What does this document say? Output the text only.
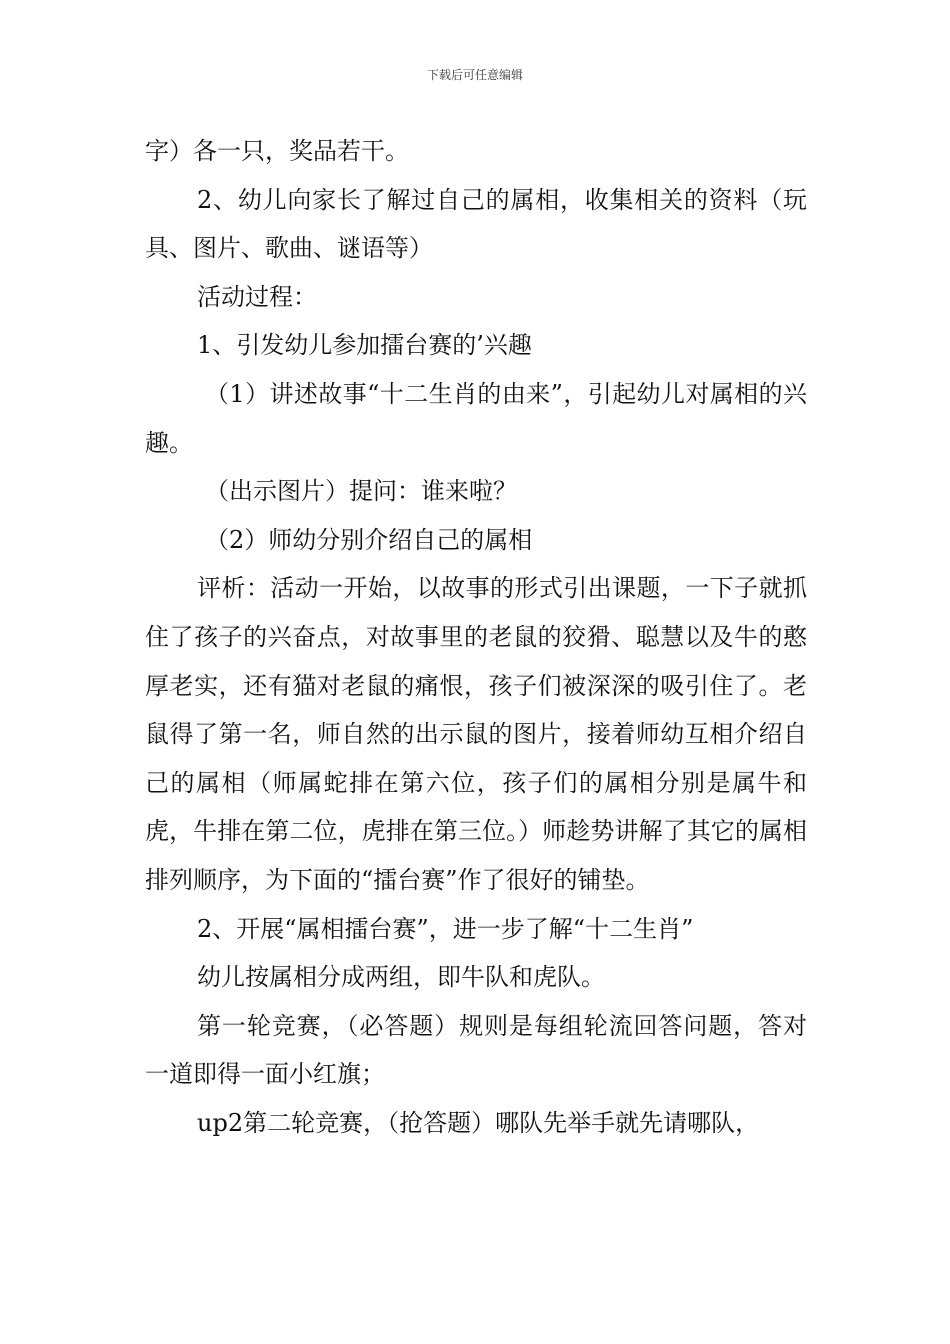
下载后可任意编辑

字）各一只，奖品若干。

2、幼儿向家长了解过自己的属相，收集相关的资料（玩具、图片、歌曲、谜语等）

活动过程：

1、引发幼儿参加擂台赛的’兴趣

（1）讲述故事“十二生肖的由来”，引起幼儿对属相的兴趣。

（出示图片）提问：谁来啦？

（2）师幼分别介绍自己的属相

评析：活动一开始，以故事的形式引出课题，一下子就抓住了孩子的兴奋点，对故事里的老鼠的狡猾、聪慧以及牛的憨厚老实，还有猫对老鼠的痛恨，孩子们被深深的吸引住了。老鼠得了第一名，师自然的出示鼠的图片，接着师幼互相介绍自己的属相（师属蛇排在第六位，孩子们的属相分别是属牛和虎，牛排在第二位，虎排在第三位。）师趁势讲解了其它的属相排列顺序，为下面的“擂台赛”作了很好的铺垫。

2、开展“属相擂台赛”，进一步了解“十二生肖”

幼儿按属相分成两组，即牛队和虎队。

第一轮竞赛，（必答题）规则是每组轮流回答问题，答对一道即得一面小红旗；

up2第二轮竞赛，（抢答题）哪队先举手就先请哪队，
